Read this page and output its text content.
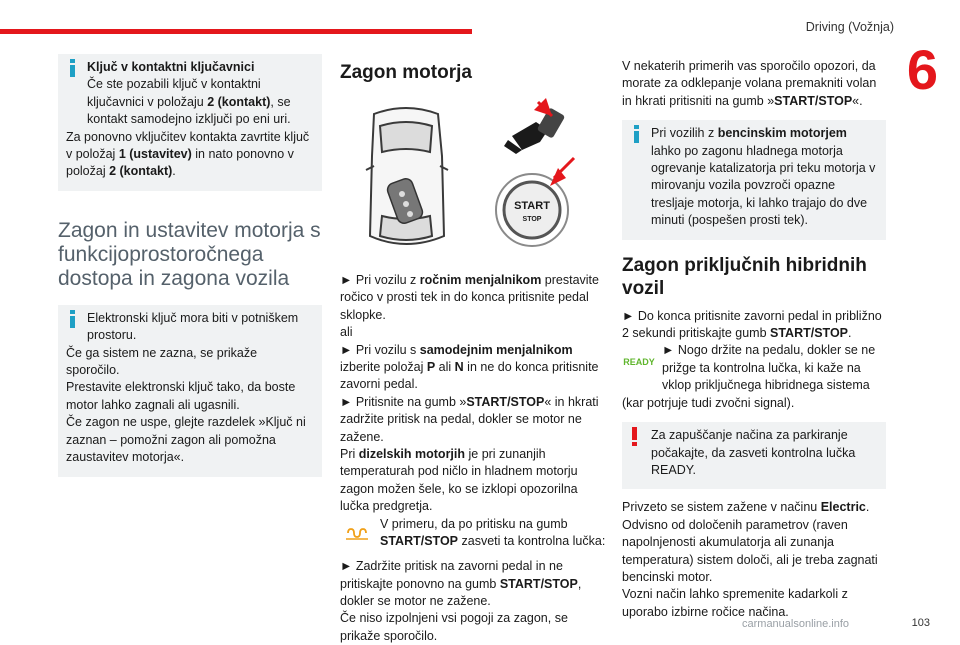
Driving (Vožnja)
6

Ključ v kontaktni ključavnici

Če ste pozabili ključ v kontaktni ključavnici v položaju 2 (kontakt), se kontakt samodejno izključi po eni uri.

Za ponovno vključitev kontakta zavrtite ključ v položaj 1 (ustavitev) in nato ponovno v položaj 2 (kontakt).

Zagon in ustavitev motorja s funkcijoprostoročnega dostopa in zagona vozila

Elektronski ključ mora biti v potniškem prostoru.

Če ga sistem ne zazna, se prikaže sporočilo.

Prestavite elektronski ključ tako, da boste motor lahko zagnali ali ugasnili.

Če zagon ne uspe, glejte razdelek »Ključ ni zaznan – pomožni zagon ali pomožna zaustavitev motorja«.

Zagon motorja
START
STOP

► Pri vozilu z ročnim menjalnikom prestavite ročico v prosti tek in do konca pritisnite pedal sklopke.

ali

► Pri vozilu s samodejnim menjalnikom izberite položaj P ali N in ne do konca pritisnite zavorni pedal.

► Pritisnite na gumb »START/STOP« in hkrati zadržite pritisk na pedal, dokler se motor ne zažene.

Pri dizelskih motorjih je pri zunanjih temperaturah pod ničlo in hladnem motorju zagon možen šele, ko se izklopi opozorilna lučka predgretja.

V primeru, da po pritisku na gumb START/STOP zasveti ta kontrolna lučka:

► Zadržite pritisk na zavorni pedal in ne pritiskajte ponovno na gumb START/STOP, dokler se motor ne zažene.

Če niso izpolnjeni vsi pogoji za zagon, se prikaže sporočilo.

V nekaterih primerih vas sporočilo opozori, da morate za odklepanje volana premakniti volan in hkrati pritisniti na gumb »START/STOP«.

Pri vozilih z bencinskim motorjem lahko po zagonu hladnega motorja ogrevanje katalizatorja pri teku motorja v mirovanju vozila povzroči opazne tresljaje motorja, ki lahko trajajo do dve minuti (pospešen prosti tek).

Zagon priključnih hibridnih vozil

► Do konca pritisnite zavorni pedal in približno 2 sekundi pritiskajte gumb START/STOP.

READY
► Nogo držite na pedalu, dokler se ne prižge ta kontrolna lučka, ki kaže na vklop priključnega hibridnega sistema (kar potrjuje tudi zvočni signal).

Za zapuščanje načina za parkiranje počakajte, da zasveti kontrolna lučka READY.

Privzeto se sistem zažene v načinu Electric.

Odvisno od določenih parametrov (raven napolnjenosti akumulatorja ali zunanja temperatura) sistem določi, ali je treba zagnati bencinski motor.

Vozni način lahko spremenite kadarkoli z uporabo izbirne ročice načina.

carmanualsonline.info	103
